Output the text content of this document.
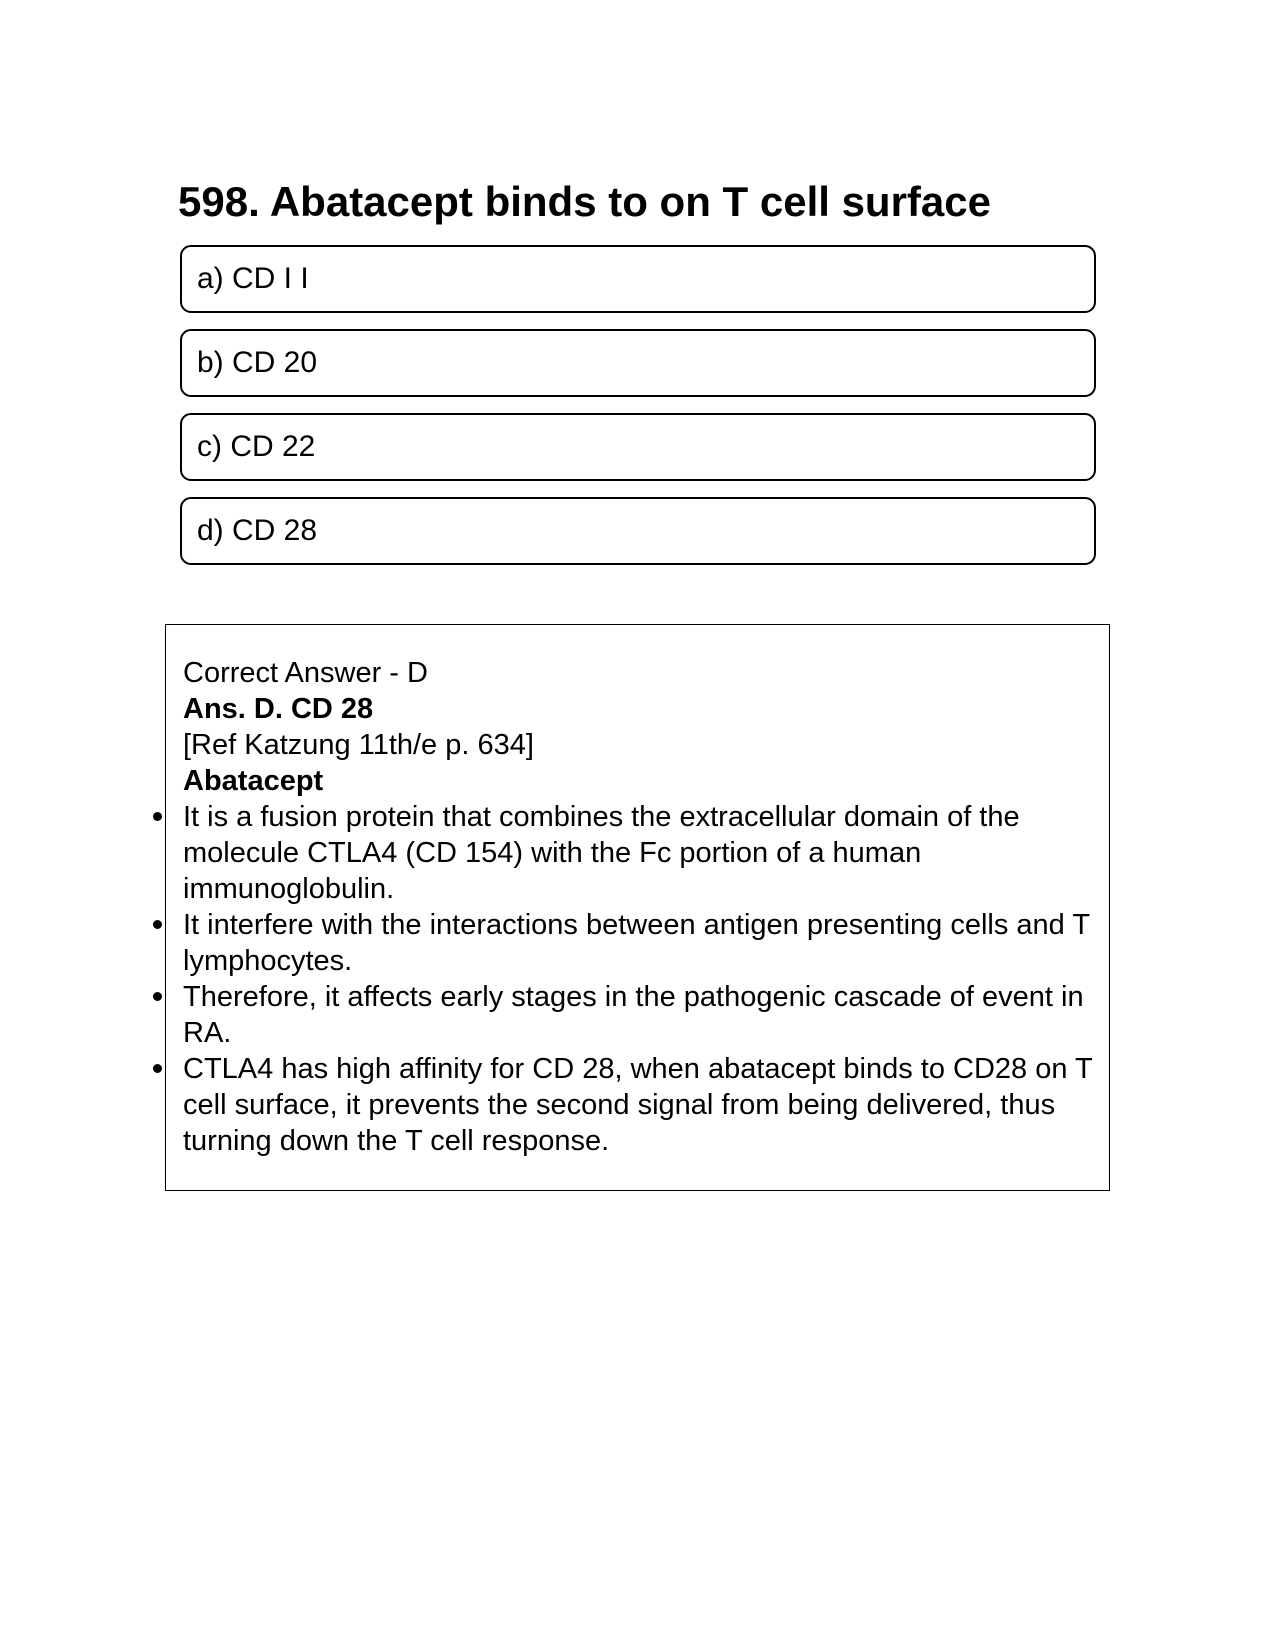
598. Abatacept binds to on T cell surface
a) CD I I
b) CD 20
c) CD 22
d) CD 28

Correct Answer - D

Ans. D. CD 28

[Ref Katzung 11th/e p. 634]

Abatacept

It is a fusion protein that combines the extracellular domain of the molecule CTLA4 (CD 154) with the Fc portion of a human immunoglobulin.
It interfere with the interactions between antigen presenting cells and T lymphocytes.
Therefore, it affects early stages in the pathogenic cascade of event in RA.
CTLA4 has high affinity for CD 28, when abatacept binds to CD28 on T cell surface, it prevents the second signal from being delivered, thus turning down the T cell response.
